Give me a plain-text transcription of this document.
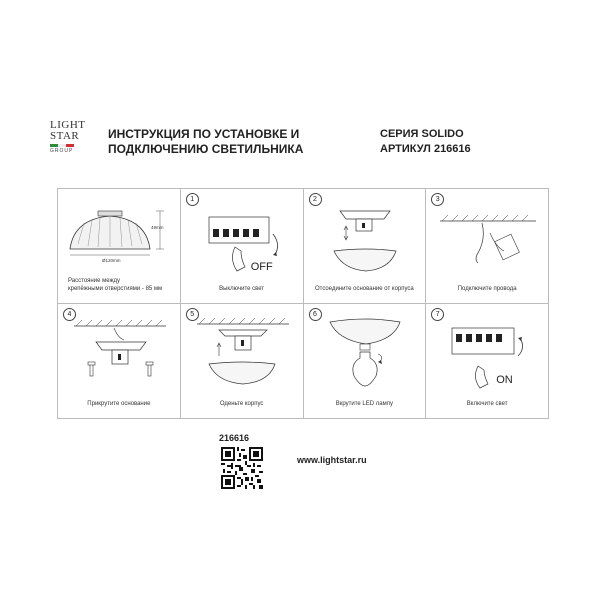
LIGHT
STAR
GROUP
ИНСТРУКЦИЯ ПО УСТАНОВКЕ И
ПОДКЛЮЧЕНИЮ СВЕТИЛЬНИКА
СЕРИЯ SOLIDO
АРТИКУЛ 216616
49mm
Ø120mm
Расстояние между
крепёжными отверстиями - 85 мм
1
OFF
Выключите свет
2
Отсоедините основание от корпуса
3
Подключите провода
4
Прикрутите основание
5
Оденьте корпус
6
Вкрутите LED лампу
7
ON
Включите свет
216616
www.lightstar.ru
